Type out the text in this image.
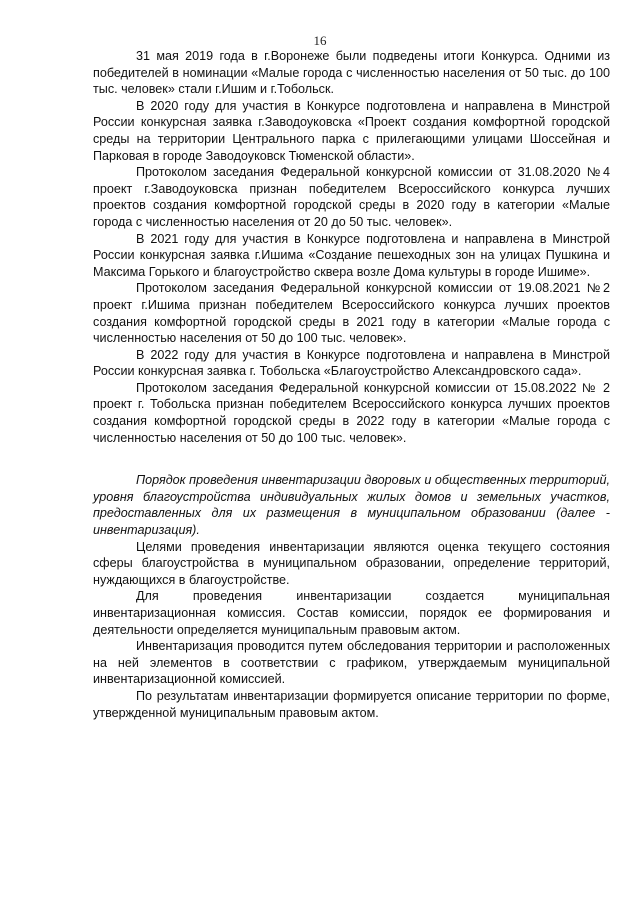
16

31 мая 2019 года в г.Воронеже были подведены итоги Конкурса. Одними из победителей в номинации «Малые города с численностью населения от 50 тыс. до 100 тыс. человек» стали г.Ишим и г.Тобольск.

В 2020 году для участия в Конкурсе подготовлена и направлена в Минстрой России конкурсная заявка г.Заводоуковска «Проект создания комфортной городской среды на территории Центрального парка с прилегающими улицами Шоссейная и Парковая в городе Заводоуковск Тюменской области».

Протоколом заседания Федеральной конкурсной комиссии от 31.08.2020 №4 проект г.Заводоуковска признан победителем Всероссийского конкурса лучших проектов создания комфортной городской среды в 2020 году в категории «Малые города с численностью населения от 20 до 50 тыс. человек».

В 2021 году для участия в Конкурсе подготовлена и направлена в Минстрой России конкурсная заявка г.Ишима «Создание пешеходных зон на улицах Пушкина и Максима Горького и благоустройство сквера возле Дома культуры в городе Ишиме».

Протоколом заседания Федеральной конкурсной комиссии от 19.08.2021 №2 проект г.Ишима признан победителем Всероссийского конкурса лучших проектов создания комфортной городской среды в 2021 году в категории «Малые города с численностью населения от 50 до 100 тыс. человек».

В 2022 году для участия в Конкурсе подготовлена и направлена в Минстрой России конкурсная заявка г. Тобольска «Благоустройство Александровского сада».

Протоколом заседания Федеральной конкурсной комиссии от 15.08.2022 № 2 проект г. Тобольска признан победителем Всероссийского конкурса лучших проектов создания комфортной городской среды в 2022 году в категории «Малые города с численностью населения от 50 до 100 тыс. человек».

Порядок проведения инвентаризации дворовых и общественных территорий, уровня благоустройства индивидуальных жилых домов и земельных участков, предоставленных для их размещения в муниципальном образовании (далее - инвентаризация).

Целями проведения инвентаризации являются оценка текущего состояния сферы благоустройства в муниципальном образовании, определение территорий, нуждающихся в благоустройстве.

Для проведения инвентаризации создается муниципальная инвентаризационная комиссия. Состав комиссии, порядок ее формирования и деятельности определяется муниципальным правовым актом.

Инвентаризация проводится путем обследования территории и расположенных на ней элементов в соответствии с графиком, утверждаемым муниципальной инвентаризационной комиссией.

По результатам инвентаризации формируется описание территории по форме, утвержденной муниципальным правовым актом.
